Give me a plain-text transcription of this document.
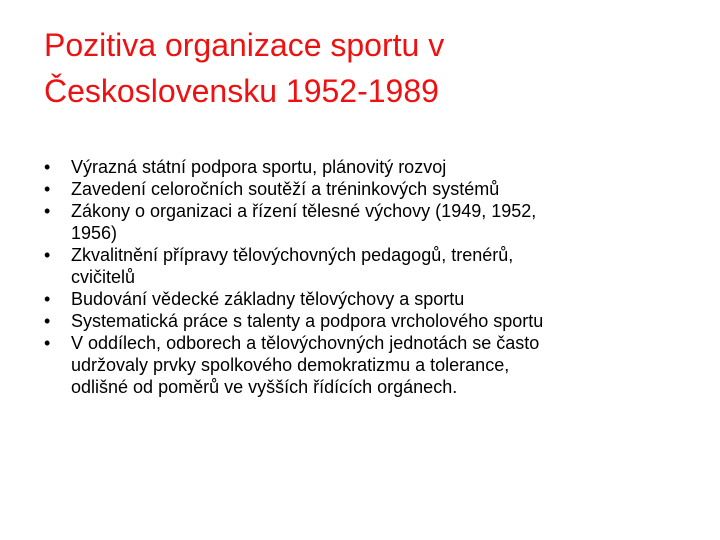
Pozitiva organizace sportu v
Československu 1952-1989
•	Výrazná státní podpora sportu, plánovitý rozvoj
•	Zavedení celoročních soutěží a tréninkových systémů
•	Zákony o organizaci a řízení tělesné výchovy (1949, 1952,
1956)
•	Zkvalitnění přípravy tělovýchovných pedagogů, trenérů,
cvičitelů
•	Budování vědecké základny tělovýchovy a sportu
•	Systematická práce s talenty a podpora vrcholového sportu
•	V oddílech, odborech a tělovýchovných jednotách se často
udržovaly prvky spolkového demokratizmu a tolerance,
odlišné od poměrů ve vyšších řídících orgánech.
